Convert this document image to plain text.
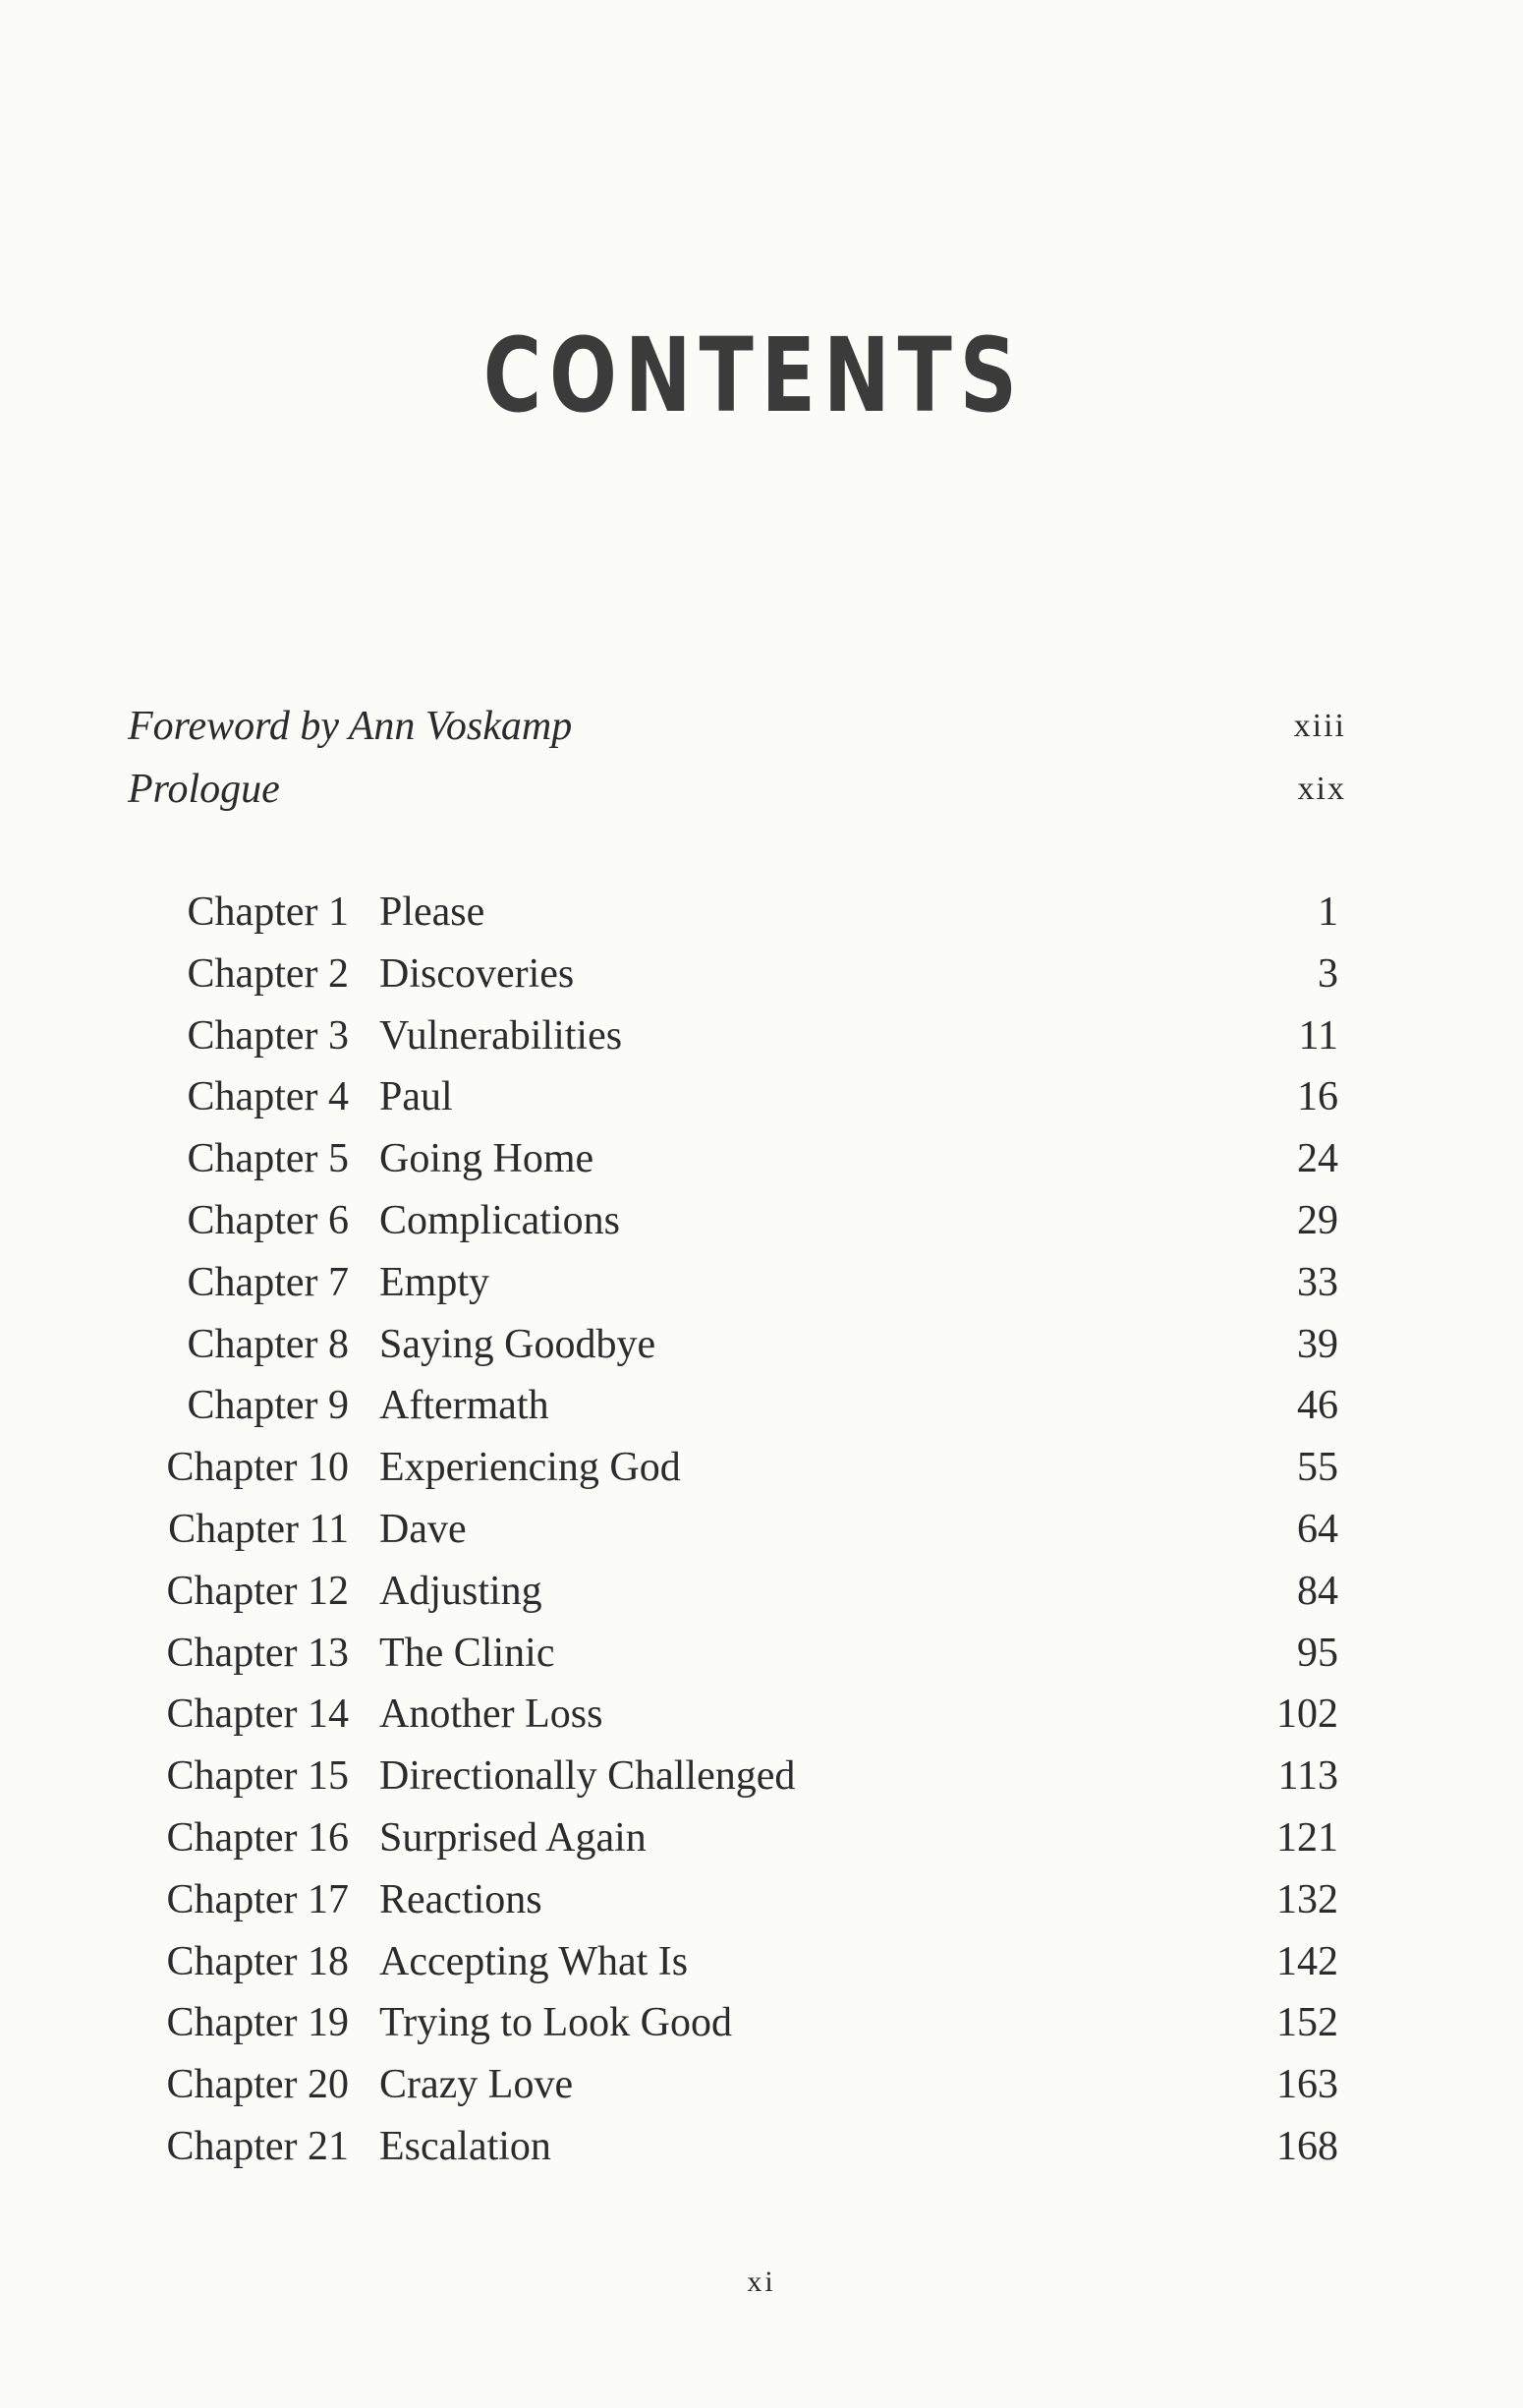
CONTENTS
Foreword by Ann Voskamp	xiii
Prologue	xix
Chapter 1 Please	1
Chapter 2 Discoveries	3
Chapter 3 Vulnerabilities	11
Chapter 4 Paul	16
Chapter 5 Going Home	24
Chapter 6 Complications	29
Chapter 7 Empty	33
Chapter 8 Saying Goodbye	39
Chapter 9 Aftermath	46
Chapter 10 Experiencing God	55
Chapter 11 Dave	64
Chapter 12 Adjusting	84
Chapter 13 The Clinic	95
Chapter 14 Another Loss	102
Chapter 15 Directionally Challenged	113
Chapter 16 Surprised Again	121
Chapter 17 Reactions	132
Chapter 18 Accepting What Is	142
Chapter 19 Trying to Look Good	152
Chapter 20 Crazy Love	163
Chapter 21 Escalation	168
xi
